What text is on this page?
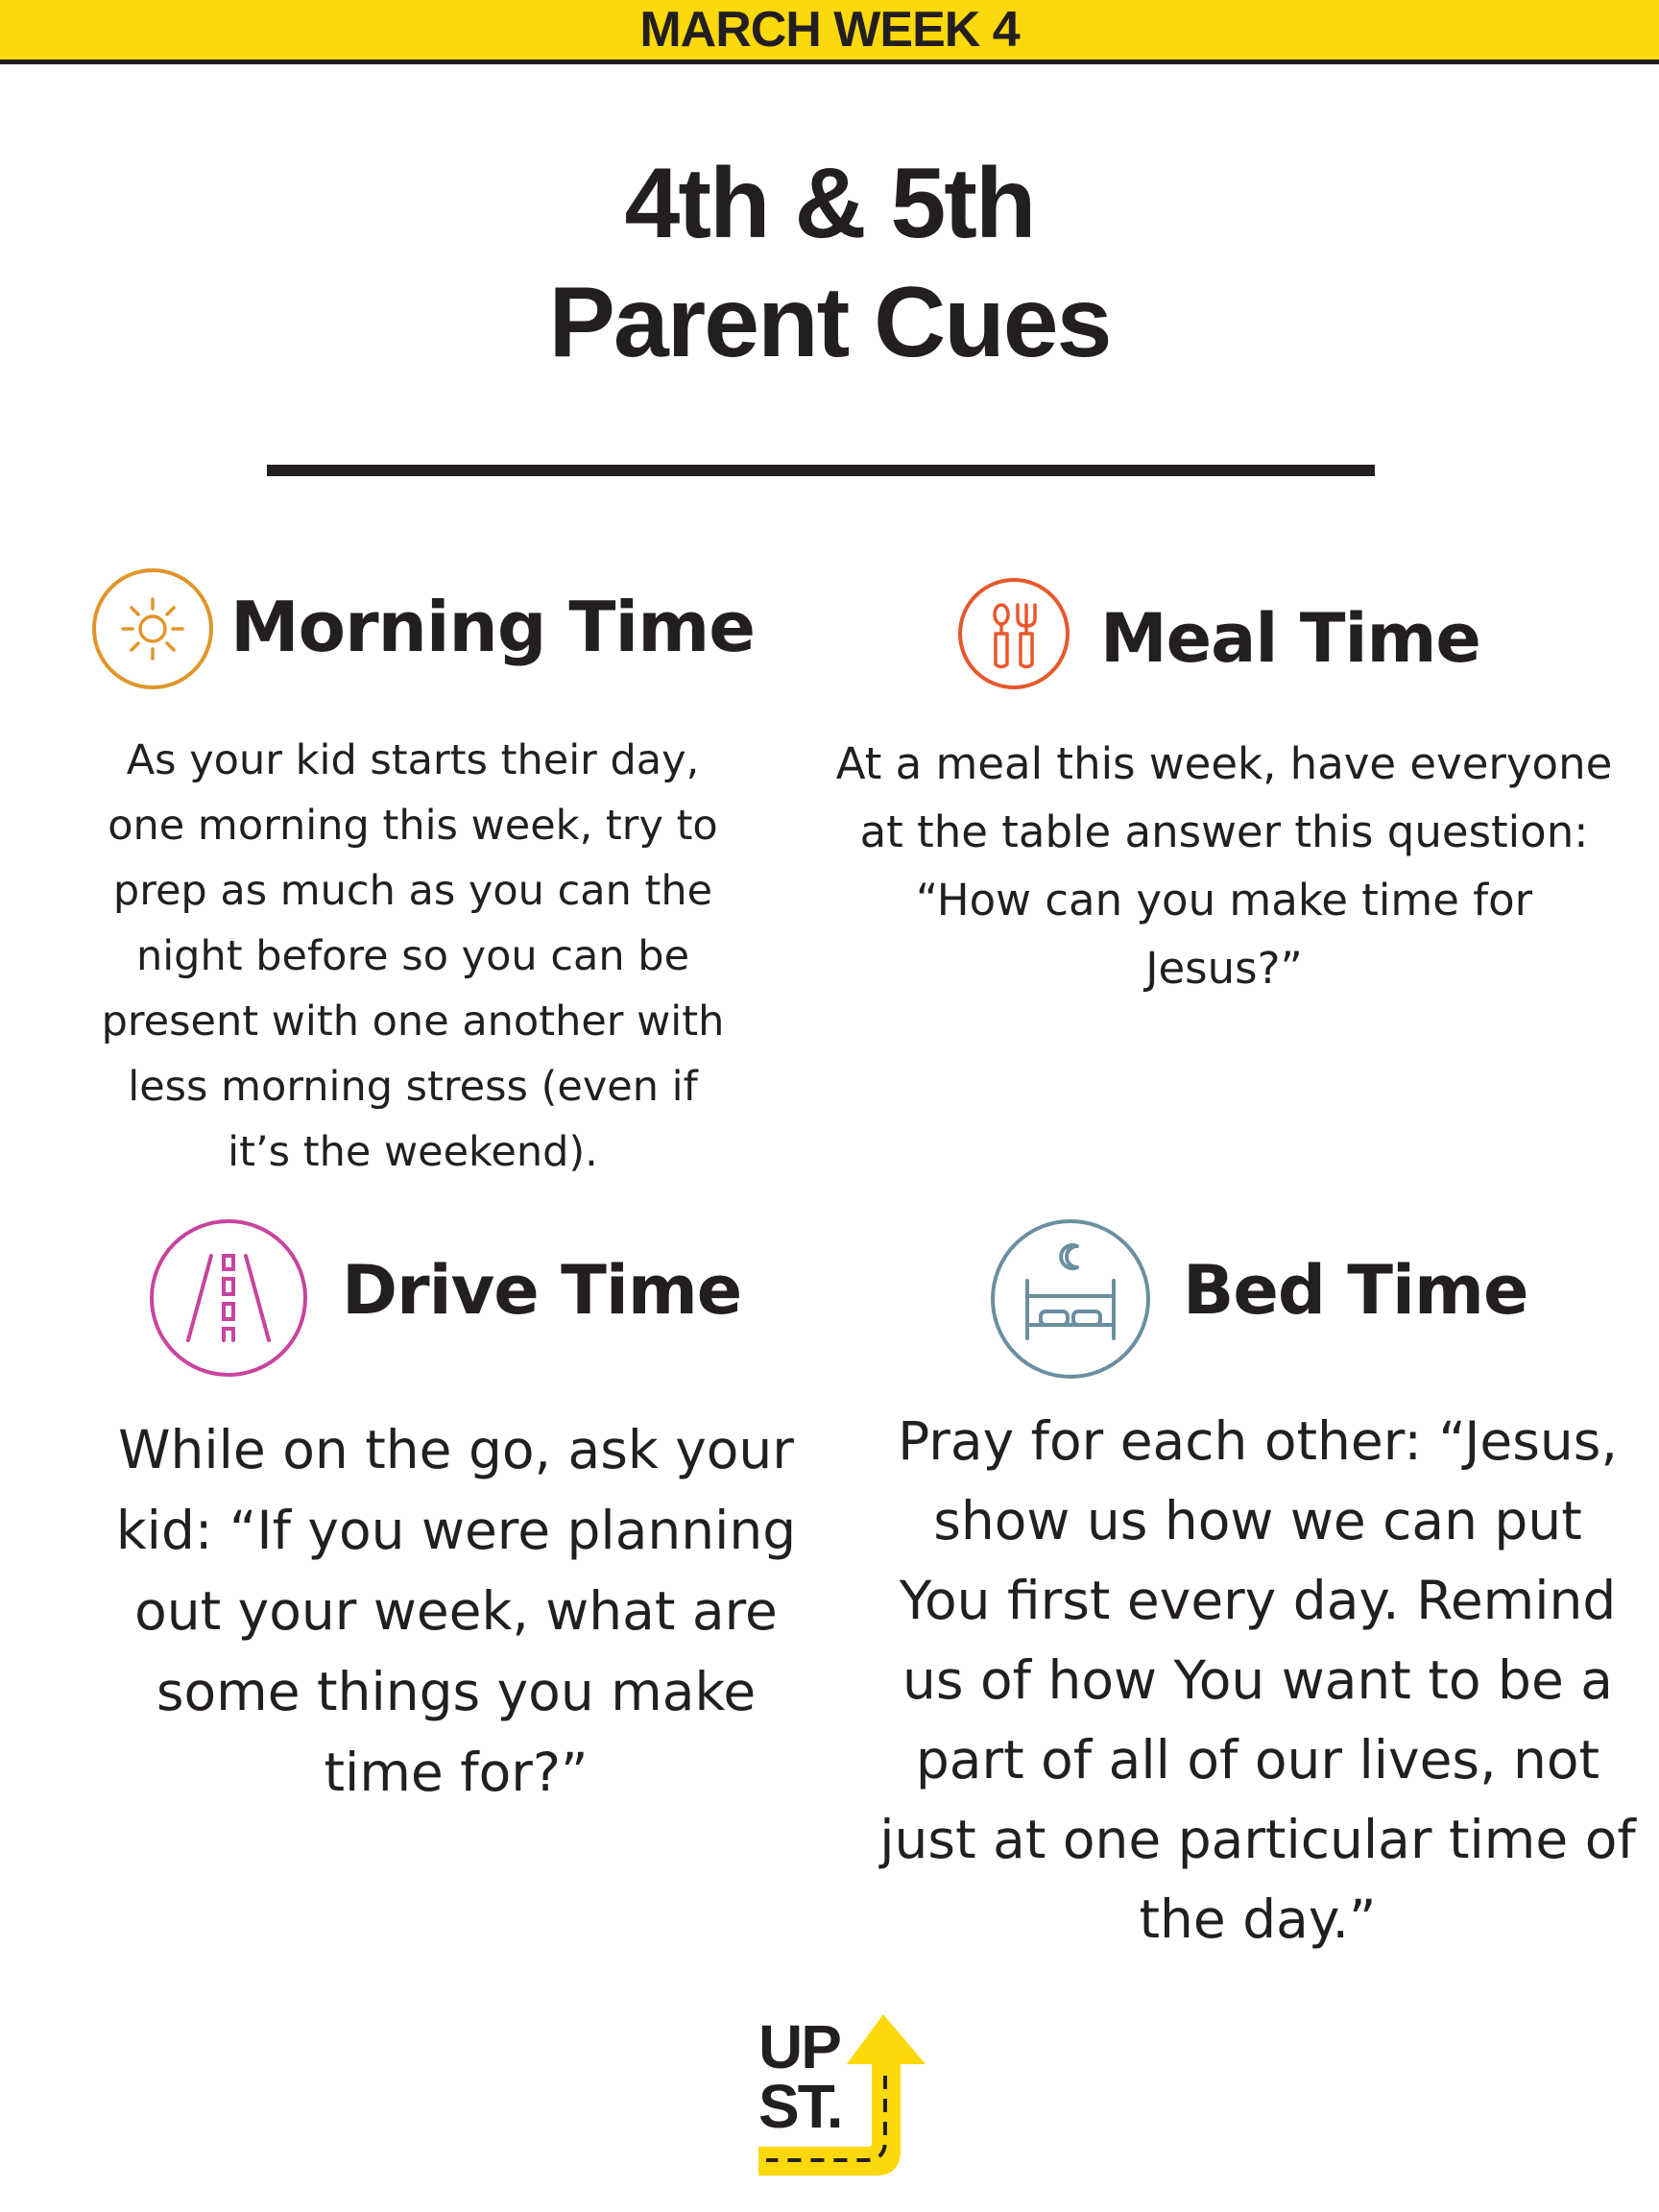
MARCH WEEK 4
4th & 5th
Parent Cues
Morning Time
As your kid starts their day,
one morning this week, try to
prep as much as you can the
night before so you can be
present with one another with
less morning stress (even if
it’s the weekend).
Meal Time
At a meal this week, have everyone
at the table answer this question:
“How can you make time for
Jesus?”
Drive Time
While on the go, ask your
kid: “If you were planning
out your week, what are
some things you make
time for?”
Bed Time
Pray for each other: “Jesus,
show us how we can put
You first every day. Remind
us of how You want to be a
part of all of our lives, not
just at one particular time of
the day.”
UP
ST.
